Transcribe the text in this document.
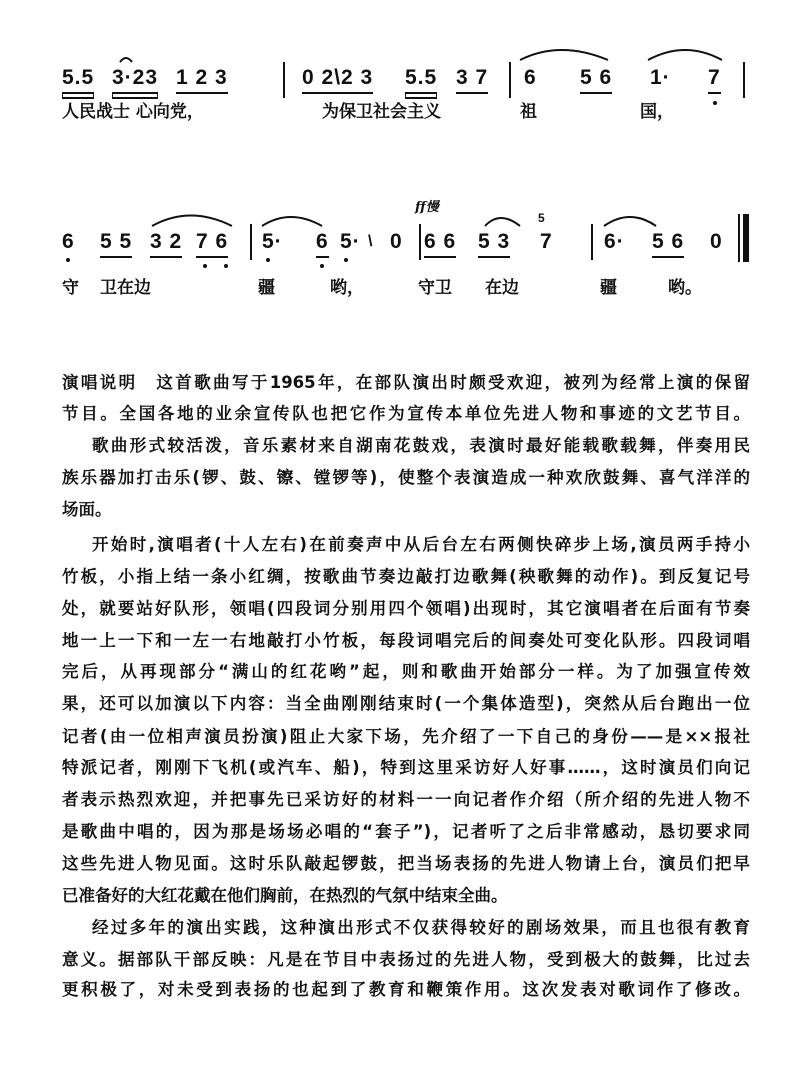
5.5 3·23 1 2 3	0 2\2 3 5.5 3 7 6 5 6 1· 7
人民战士 心向党，	为保卫社会主义	祖	国，
ff慢
6 5 5 3 2 7 6 5· 6 5· \ 0 6 6 5 3
5
7 6· 5 6 0
守 卫在边	疆	哟，	守卫 在边	疆	哟。
演唱说明　这首歌曲写于1965年，在部队演出时颇受欢迎，被列为经常上演的保留
节目。全国各地的业余宣传队也把它作为宣传本单位先进人物和事迹的文艺节目。
歌曲形式较活泼，音乐素材来自湖南花鼓戏，表演时最好能载歌载舞，伴奏用民
族乐器加打击乐(锣、鼓、镲、镗锣等)，使整个表演造成一种欢欣鼓舞、喜气洋洋的
场面。
开始时,演唱者(十人左右)在前奏声中从后台左右两侧快碎步上场,演员两手持小
竹板，小指上结一条小红绸，按歌曲节奏边敲打边歌舞(秧歌舞的动作)。到反复记号
处，就要站好队形，领唱(四段词分别用四个领唱)出现时，其它演唱者在后面有节奏
地一上一下和一左一右地敲打小竹板，每段词唱完后的间奏处可变化队形。四段词唱
完后，从再现部分“满山的红花哟”起，则和歌曲开始部分一样。为了加强宣传效
果，还可以加演以下内容：当全曲刚刚结束时(一个集体造型)，突然从后台跑出一位
记者(由一位相声演员扮演)阻止大家下场，先介绍了一下自己的身份——是××报社
特派记者，刚刚下飞机(或汽车、船)，特到这里采访好人好事……，这时演员们向记
者表示热烈欢迎，并把事先已采访好的材料一一向记者作介绍（所介绍的先进人物不
是歌曲中唱的，因为那是场场必唱的“套子”)，记者听了之后非常感动，恳切要求同
这些先进人物见面。这时乐队敲起锣鼓，把当场表扬的先进人物请上台，演员们把早
已准备好的大红花戴在他们胸前，在热烈的气氛中结束全曲。
经过多年的演出实践，这种演出形式不仅获得较好的剧场效果，而且也很有教育
意义。据部队干部反映：凡是在节目中表扬过的先进人物，受到极大的鼓舞，比过去
更积极了，对未受到表扬的也起到了教育和鞭策作用。这次发表对歌词作了修改。
